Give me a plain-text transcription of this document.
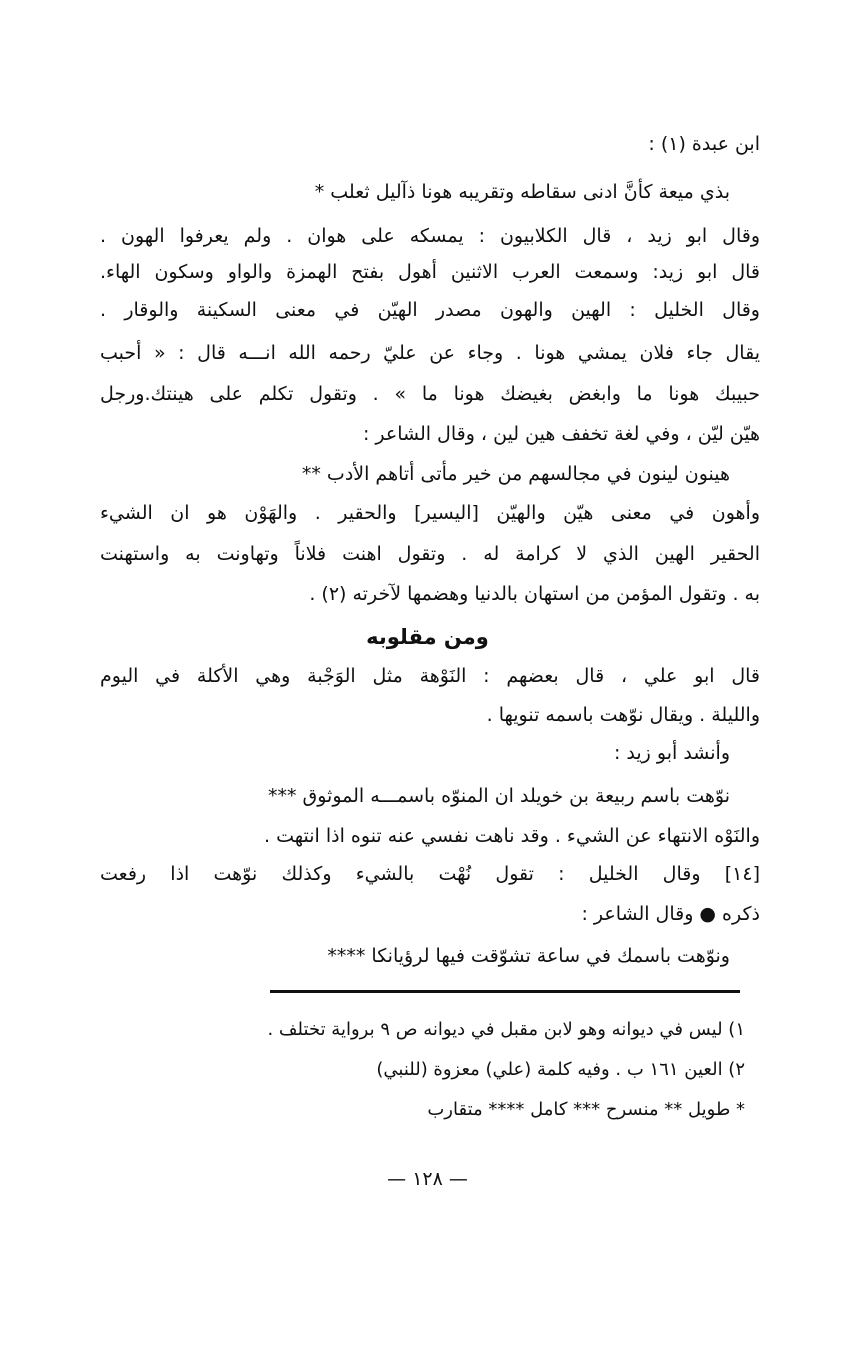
ابن عبدة (١) :
بذي ميعة كأنَّ ادنى سقاطه وتقريبه هونا ذآليل ثعلب *
وقال ابو زيد ، قال الكلابيون : يمسكه على هوان . ولم يعرفوا الهون .
قال ابو زيد: وسمعت العرب الاثنين أهول بفتح الهمزة والواو وسكون الهاء.
وقال الخليل : الهين والهون مصدر الهيّن في معنى السكينة والوقار .
يقال جاء فلان يمشي هونا . وجاء عن عليّ رحمه الله انـــه قال : « أحبب
حبيبك هونا ما وابغض بغيضك هونا ما » . وتقول تكلم على هينتك.ورجل
هيّن ليّن ، وفي لغة تخفف هين لين ، وقال الشاعر :
هينون لينون في مجالسهم من خير مأتى أتاهم الأدب **
وأهون في معنى هيّن والهيّن [اليسير] والحقير . والهَوْن هو ان الشيء
الحقير الهين الذي لا كرامة له . وتقول اهنت فلاناً وتهاونت به واستهنت
به . وتقول المؤمن من استهان بالدنيا وهضمها لآخرته (٢) .
ومن مقلوبه
قال ابو علي ، قال بعضهم : النَوْهة مثل الوَجْبة وهي الأكلة في اليوم
والليلة . ويقال نوّهت باسمه تنويها .
وأنشد أبو زيد :
نوّهت باسم ربيعة بن خويلد ان المنوّه باسمـــه الموثوق ***
والنَوْه الانتهاء عن الشيء . وقد ناهت نفسي عنه تنوه اذا انتهت .
[١٤] وقال الخليل : تقول نُهْت بالشيء وكذلك نوّهت اذا رفعت
ذكره ● وقال الشاعر :
ونوّهت باسمك في ساعة تشوّقت فيها لرؤيانكا ****
١) ليس في ديوانه وهو لابن مقبل في ديوانه ص ٩ برواية تختلف .
٢) العين ١٦١ ب . وفيه كلمة (علي) معزوة (للنبي)
* طويل ** منسرح *** كامل **** متقارب
— ١٢٨ —
